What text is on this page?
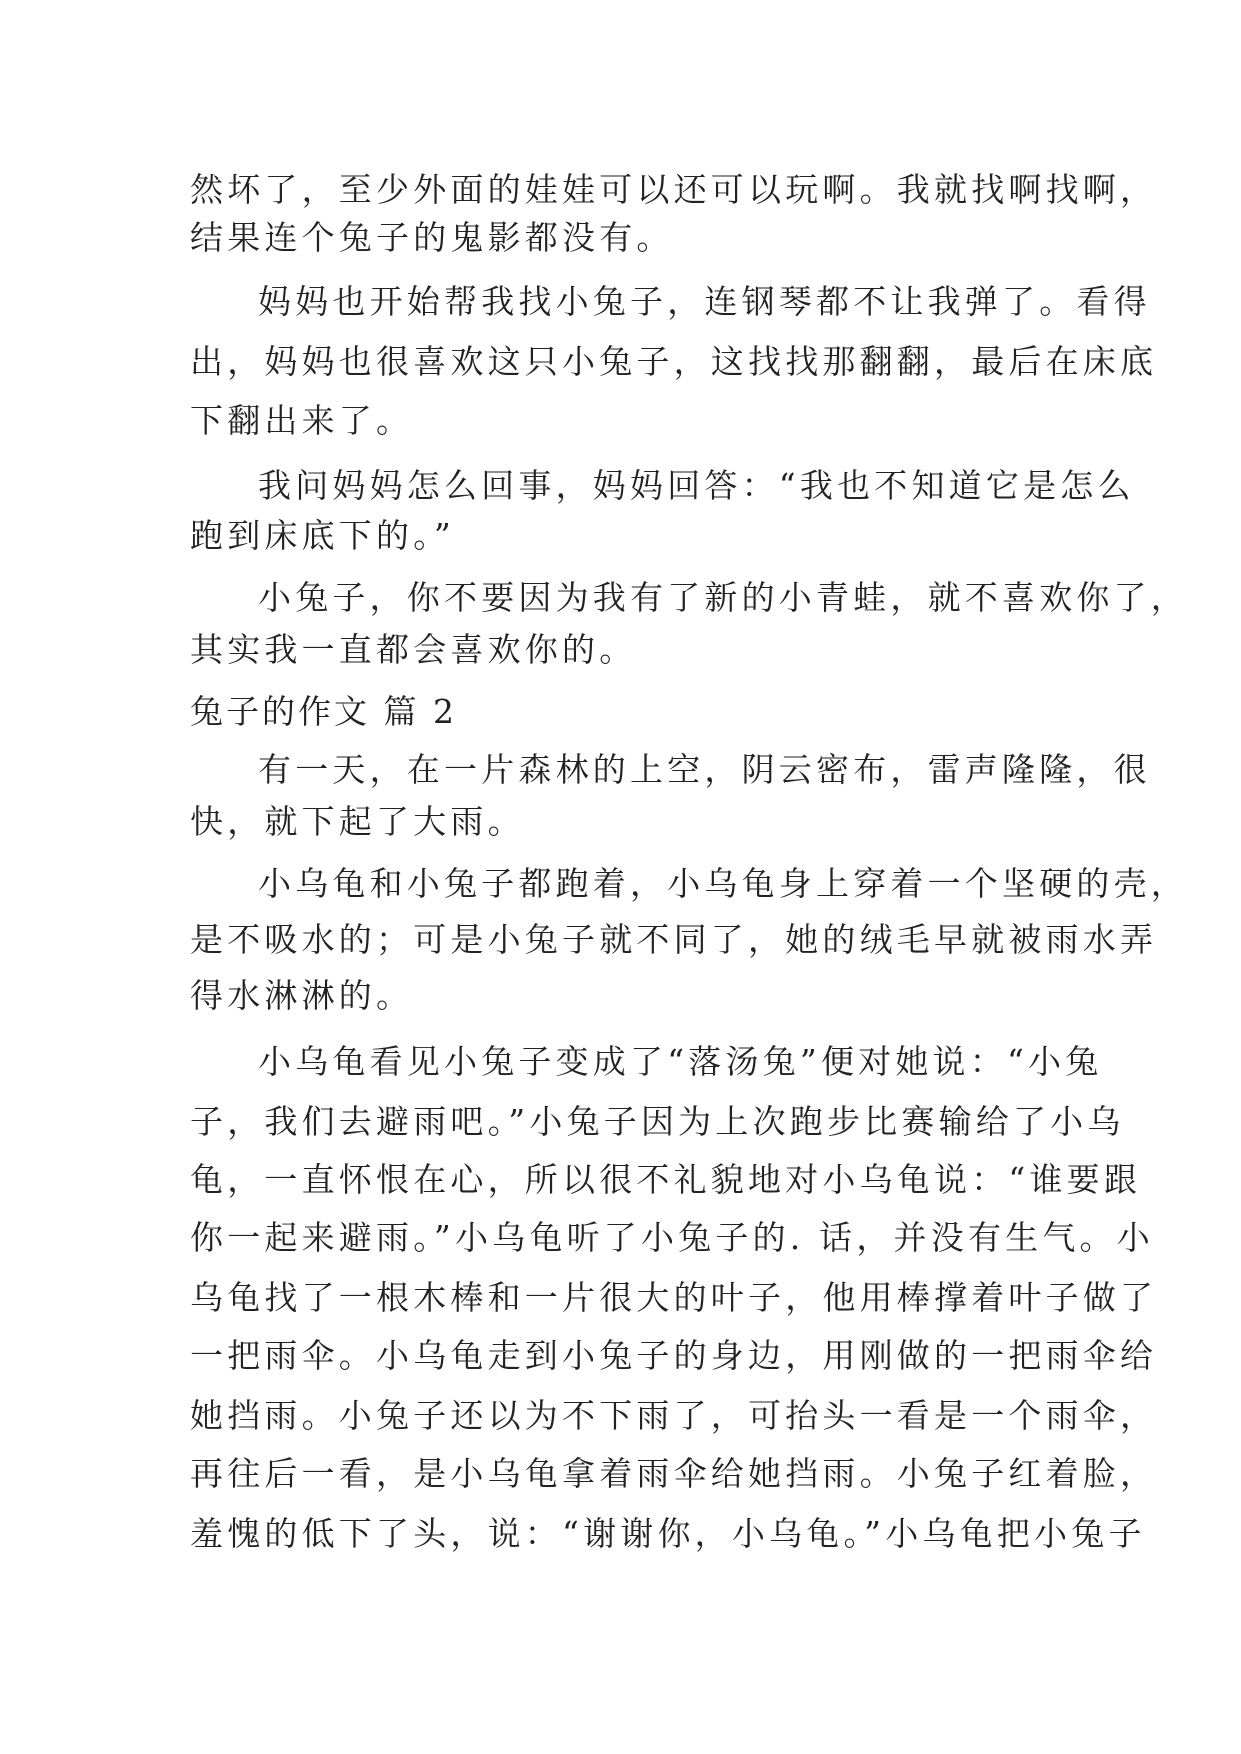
然坏了，至少外面的娃娃可以还可以玩啊。我就找啊找啊，
结果连个兔子的鬼影都没有。
妈妈也开始帮我找小兔子，连钢琴都不让我弹了。看得
出，妈妈也很喜欢这只小兔子，这找找那翻翻，最后在床底
下翻出来了。
我问妈妈怎么回事，妈妈回答：“我也不知道它是怎么
跑到床底下的。”
小兔子，你不要因为我有了新的小青蛙，就不喜欢你了，
其实我一直都会喜欢你的。
兔子的作文 篇 2
有一天，在一片森林的上空，阴云密布，雷声隆隆，很
快，就下起了大雨。
小乌龟和小兔子都跑着，小乌龟身上穿着一个坚硬的壳，
是不吸水的；可是小兔子就不同了，她的绒毛早就被雨水弄
得水淋淋的。
小乌龟看见小兔子变成了“落汤兔”便对她说：“小兔
子，我们去避雨吧。”小兔子因为上次跑步比赛输给了小乌
龟，一直怀恨在心，所以很不礼貌地对小乌龟说：“谁要跟
你一起来避雨。”小乌龟听了小兔子的. 话，并没有生气。小
乌龟找了一根木棒和一片很大的叶子，他用棒撑着叶子做了
一把雨伞。小乌龟走到小兔子的身边，用刚做的一把雨伞给
她挡雨。小兔子还以为不下雨了，可抬头一看是一个雨伞，
再往后一看，是小乌龟拿着雨伞给她挡雨。小兔子红着脸，
羞愧的低下了头，说：“谢谢你，小乌龟。”小乌龟把小兔子
